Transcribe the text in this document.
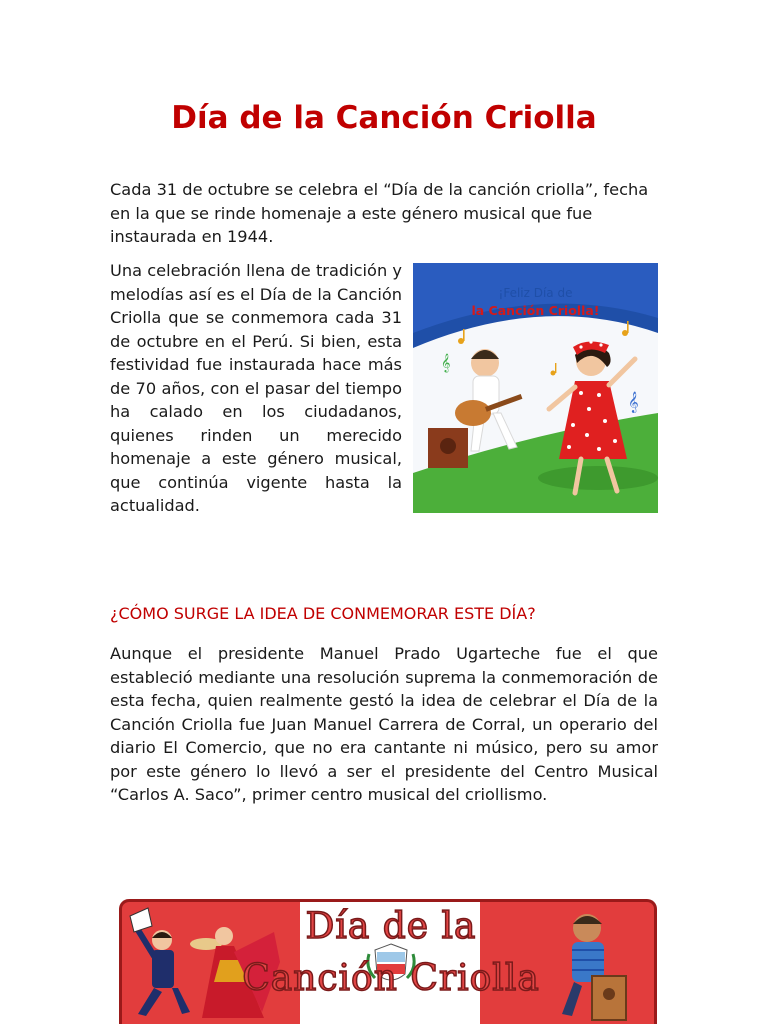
Día de la Canción Criolla

Cada 31 de octubre se celebra el “Día de la canción criolla”, fecha en la que se rinde homenaje a este género musical que fue instaurada en 1944.

Una celebración llena de tradición y melodías así es el Día de la Canción Criolla que se conmemora cada 31 de octubre en el Perú. Si bien, esta festividad fue instaurada hace más de 70 años, con el pasar del tiempo ha calado en los ciudadanos, quienes rinden un merecido homenaje a este género musical, que continúa vigente hasta la actualidad.

𝄞
𝄞
¡Feliz Día de
la Canción Criolla!
¿CÓMO SURGE LA IDEA DE CONMEMORAR ESTE DÍA?

Aunque el presidente Manuel Prado Ugarteche fue el que estableció mediante una resolución suprema la conmemoración de esta fecha, quien realmente gestó la idea de celebrar el Día de la Canción Criolla fue Juan Manuel Carrera de Corral, un operario del diario El Comercio, que no era cantante ni músico, pero su amor por este género lo llevó a ser el presidente del Centro Musical “Carlos A. Saco”, primer centro musical del criollismo.

Día de la
Canción Criolla
